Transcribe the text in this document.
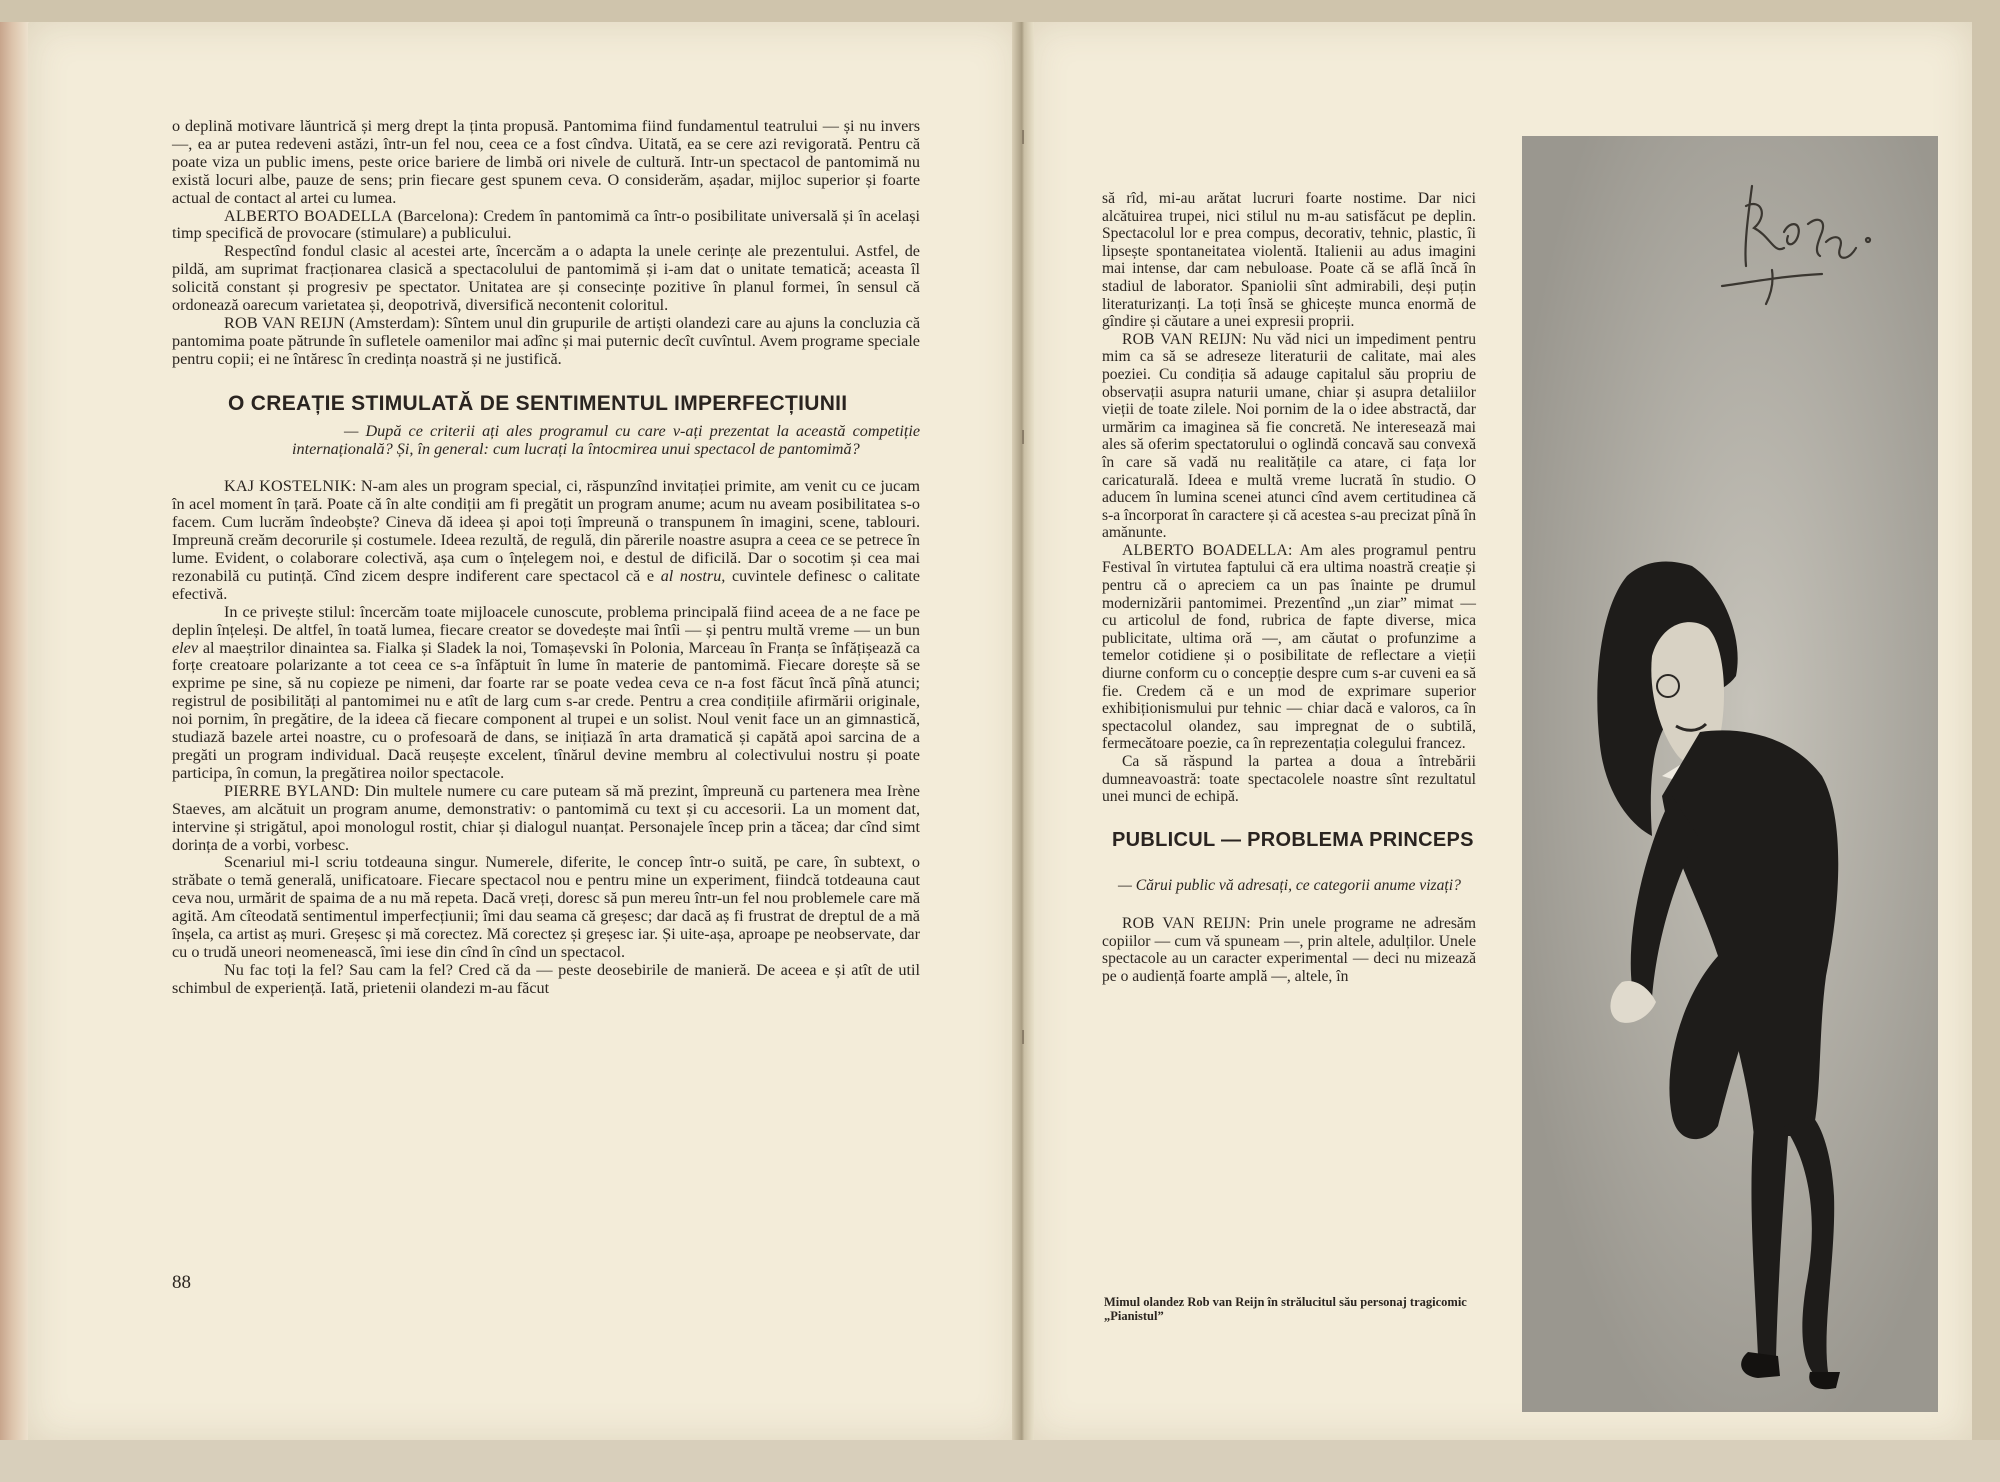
o deplină motivare lăuntrică și merg drept la ținta propusă. Pantomima fiind fundamentul teatrului — și nu invers —, ea ar putea redeveni astăzi, într-un fel nou, ceea ce a fost cîndva. Uitată, ea se cere azi revigorată. Pentru că poate viza un public imens, peste orice bariere de limbă ori nivele de cultură. Intr-un spectacol de pantomimă nu există locuri albe, pauze de sens; prin fiecare gest spunem ceva. O considerăm, așadar, mijloc superior și foarte actual de contact al artei cu lumea.

ALBERTO BOADELLA (Barcelona): Credem în pantomimă ca într-o posibilitate universală și în același timp specifică de provocare (stimulare) a publicului.

Respectînd fondul clasic al acestei arte, încercăm a o adapta la unele cerințe ale prezentului. Astfel, de pildă, am suprimat fracționarea clasică a spectacolului de pantomimă și i-am dat o unitate tematică; aceasta îl solicită constant și progresiv pe spectator. Unitatea are și consecințe pozitive în planul formei, în sensul că ordonează oarecum varietatea și, deopotrivă, diversifică necontenit coloritul.

ROB VAN REIJN (Amsterdam): Sîntem unul din grupurile de artiști olandezi care au ajuns la concluzia că pantomima poate pătrunde în sufletele oamenilor mai adînc și mai puternic decît cuvîntul. Avem programe speciale pentru copii; ei ne întăresc în credința noastră și ne justifică.

O CREAȚIE STIMULATĂ DE SENTIMENTUL IMPERFECȚIUNII

— După ce criterii ați ales programul cu care v-ați prezentat la această competiție internațională? Și, în general: cum lucrați la întocmirea unui spectacol de pantomimă?

KAJ KOSTELNIK: N-am ales un program special, ci, răspunzînd invitației primite, am venit cu ce jucam în acel moment în țară. Poate că în alte condiții am fi pregătit un program anume; acum nu aveam posibilitatea s-o facem. Cum lucrăm îndeobște? Cineva dă ideea și apoi toți împreună o transpunem în imagini, scene, tablouri. Impreună creăm decorurile și costumele. Ideea rezultă, de regulă, din părerile noastre asupra a ceea ce se petrece în lume. Evident, o colaborare colectivă, așa cum o înțelegem noi, e destul de dificilă. Dar o socotim și cea mai rezonabilă cu putință. Cînd zicem despre indiferent care spectacol că e al nostru, cuvintele definesc o calitate efectivă.

In ce privește stilul: încercăm toate mijloacele cunoscute, problema principală fiind aceea de a ne face pe deplin înțeleși. De altfel, în toată lumea, fiecare creator se dovedește mai întîi — și pentru multă vreme — un bun elev al maeștrilor dinaintea sa. Fialka și Sladek la noi, Tomașevski în Polonia, Marceau în Franța se înfățișează ca forțe creatoare polarizante a tot ceea ce s-a înfăptuit în lume în materie de pantomimă. Fiecare dorește să se exprime pe sine, să nu copieze pe nimeni, dar foarte rar se poate vedea ceva ce n-a fost făcut încă pînă atunci; registrul de posibilități al pantomimei nu e atît de larg cum s-ar crede. Pentru a crea condițiile afirmării originale, noi pornim, în pregătire, de la ideea că fiecare component al trupei e un solist. Noul venit face un an gimnastică, studiază bazele artei noastre, cu o profesoară de dans, se inițiază în arta dramatică și capătă apoi sarcina de a pregăti un program individual. Dacă reușește excelent, tînărul devine membru al colectivului nostru și poate participa, în comun, la pregătirea noilor spectacole.

PIERRE BYLAND: Din multele numere cu care puteam să mă prezint, împreună cu partenera mea Irène Staeves, am alcătuit un program anume, demonstrativ: o pantomimă cu text și cu accesorii. La un moment dat, intervine și strigătul, apoi monologul rostit, chiar și dialogul nuanțat. Personajele încep prin a tăcea; dar cînd simt dorința de a vorbi, vorbesc.

Scenariul mi-l scriu totdeauna singur. Numerele, diferite, le concep într-o suită, pe care, în subtext, o străbate o temă generală, unificatoare. Fiecare spectacol nou e pentru mine un experiment, fiindcă totdeauna caut ceva nou, urmărit de spaima de a nu mă repeta. Dacă vreți, doresc să pun mereu într-un fel nou problemele care mă agită. Am cîteodată sentimentul imperfecțiunii; îmi dau seama că greșesc; dar dacă aș fi frustrat de dreptul de a mă înșela, ca artist aș muri. Greșesc și mă corectez. Mă corectez și greșesc iar. Și uite-așa, aproape pe neobservate, dar cu o trudă uneori neomenească, îmi iese din cînd în cînd un spectacol.

Nu fac toți la fel? Sau cam la fel? Cred că da — peste deosebirile de manieră. De aceea e și atît de util schimbul de experiență. Iată, prietenii olandezi m-au făcut

88

să rîd, mi-au arătat lucruri foarte nostime. Dar nici alcătuirea trupei, nici stilul nu m-au satisfăcut pe deplin. Spectacolul lor e prea compus, decorativ, tehnic, plastic, îi lipsește spontaneitatea violentă. Italienii au adus imagini mai intense, dar cam nebuloase. Poate că se află încă în stadiul de laborator. Spaniolii sînt admirabili, deși puțin literaturizanți. La toți însă se ghicește munca enormă de gîndire și căutare a unei expresii proprii.

ROB VAN REIJN: Nu văd nici un impediment pentru mim ca să se adreseze literaturii de calitate, mai ales poeziei. Cu condiția să adauge capitalul său propriu de observații asupra naturii umane, chiar și asupra detaliilor vieții de toate zilele. Noi pornim de la o idee abstractă, dar urmărim ca imaginea să fie concretă. Ne interesează mai ales să oferim spectatorului o oglindă concavă sau convexă în care să vadă nu realitățile ca atare, ci fața lor caricaturală. Ideea e multă vreme lucrată în studio. O aducem în lumina scenei atunci cînd avem certitudinea că s-a încorporat în caractere și că acestea s-au precizat pînă în amănunte.

ALBERTO BOADELLA: Am ales programul pentru Festival în virtutea faptului că era ultima noastră creație și pentru că o apreciem ca un pas înainte pe drumul modernizării pantomimei. Prezentînd „un ziar” mimat — cu articolul de fond, rubrica de fapte diverse, mica publicitate, ultima oră —, am căutat o profunzime a temelor cotidiene și o posibilitate de reflectare a vieții diurne conform cu o concepție despre cum s-ar cuveni ea să fie. Credem că e un mod de exprimare superior exhibiționismului pur tehnic — chiar dacă e valoros, ca în spectacolul olandez, sau impregnat de o subtilă, fermecătoare poezie, ca în reprezentația colegului francez.

Ca să răspund la partea a doua a întrebării dumneavoastră: toate spectacolele noastre sînt rezultatul unei munci de echipă.

PUBLICUL — PROBLEMA PRINCEPS

— Cărui public vă adresați, ce categorii anume vizați?

ROB VAN REIJN: Prin unele programe ne adresăm copiilor — cum vă spuneam —, prin altele, adulților. Unele spectacole au un caracter experimental — deci nu mizează pe o audiență foarte amplă —, altele, în

Mimul olandez Rob van Reijn în strălucitul său personaj tragicomic „Pianistul”
